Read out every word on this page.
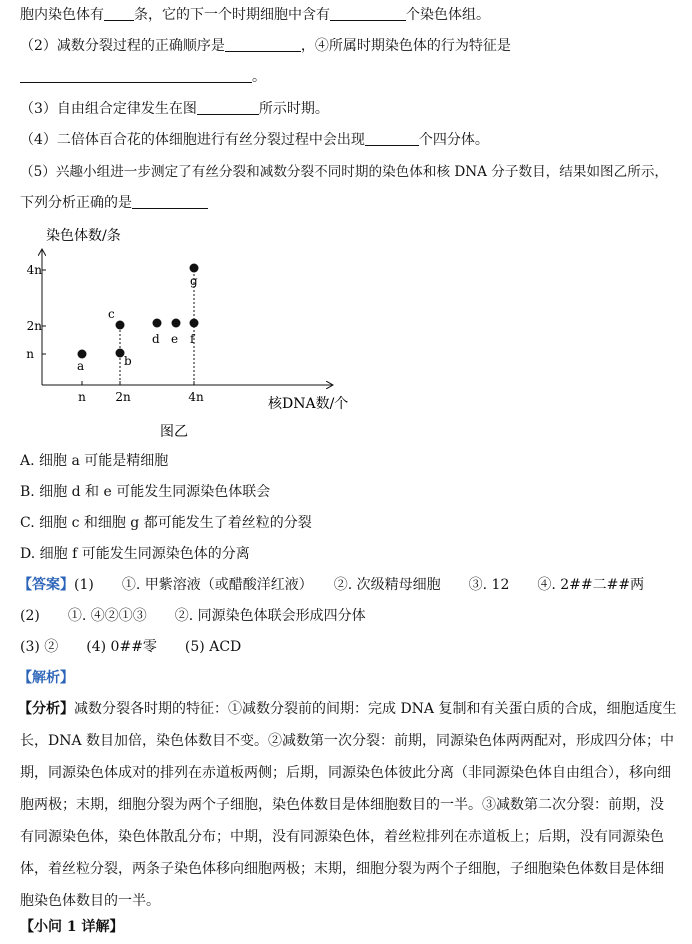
胞内染色体有 条，它的下一个时期细胞中含有	个染色体组。
（2）减数分裂过程的正确顺序是	，④所属时期染色体的行为特征是
。
（3）自由组合定律发生在图	所示时期。
（4）二倍体百合花的体细胞进行有丝分裂过程中会出现	个四分体。
（5）兴趣小组进一步测定了有丝分裂和减数分裂不同时期的染色体和核 DNA 分子数目，结果如图乙所示，
下列分析正确的是
染色体数/条
核DNA数/个
图乙
n
2n
4n
n 2n	4n
a	b
c
d e f
g
A. 细胞 a 可能是精细胞
B. 细胞 d 和 e 可能发生同源染色体联会
C. 细胞 c 和细胞 g 都可能发生了着丝粒的分裂
D. 细胞 f 可能发生同源染色体的分离
【答案】(1)　　①. 甲紫溶液（或醋酸洋红液）　　②. 次级精母细胞　　③. 12　　④. 2##二##两
(2)　　①. ④②①③　　②. 同源染色体联会形成四分体
(3) ②　　(4) 0##零　　(5) ACD
【解析】
【分析】减数分裂各时期的特征：①减数分裂前的间期：完成 DNA 复制和有关蛋白质的合成，细胞适度生
长，DNA 数目加倍，染色体数目不变。②减数第一次分裂：前期，同源染色体两两配对，形成四分体；中
期，同源染色体成对的排列在赤道板两侧；后期，同源染色体彼此分离（非同源染色体自由组合），移向细
胞两极；末期，细胞分裂为两个子细胞，染色体数目是体细胞数目的一半。③减数第二次分裂：前期，没
有同源染色体，染色体散乱分布；中期，没有同源染色体，着丝粒排列在赤道板上；后期，没有同源染色
体，着丝粒分裂，两条子染色体移向细胞两极；末期，细胞分裂为两个子细胞，子细胞染色体数目是体细
胞染色体数目的一半。
【小问 1 详解】
